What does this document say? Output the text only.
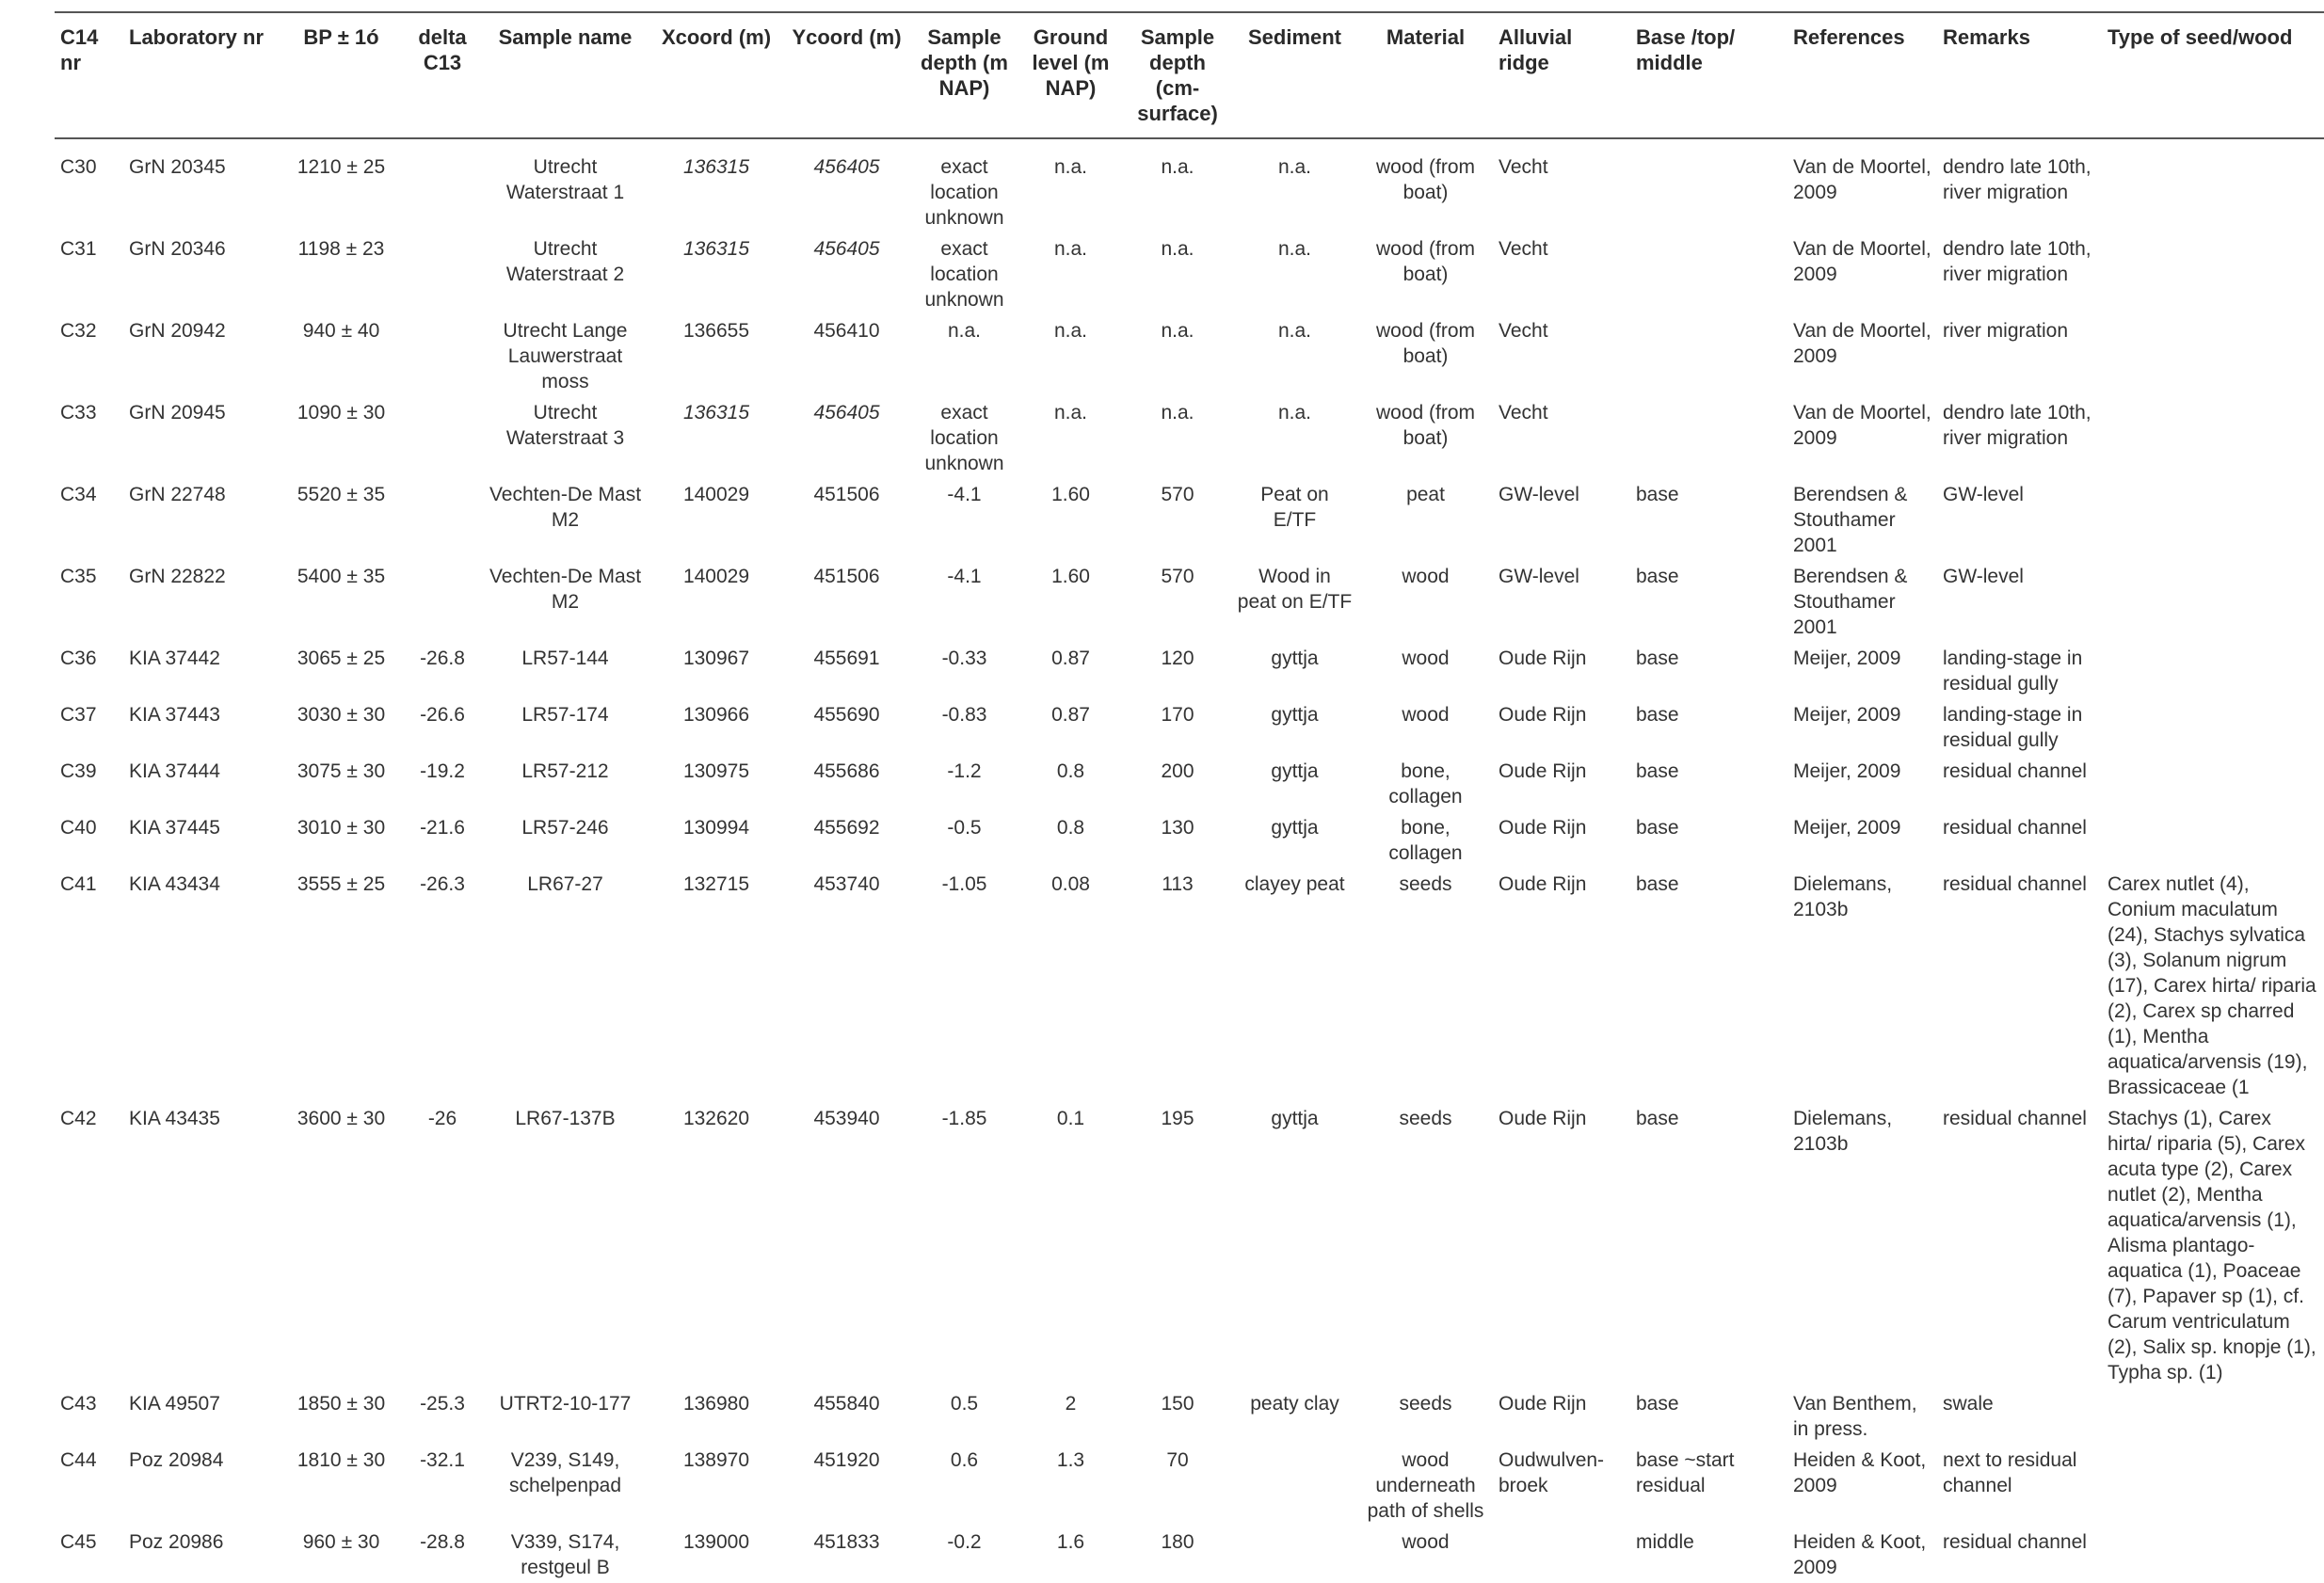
C14 nr	Laboratory nr	BP ± 1ó	delta C13	Sample name	Xcoord (m)	Ycoord (m)	Sample depth (m NAP)	Ground level (m NAP)	Sample depth (cm-surface)	Sediment	Material	Alluvial ridge	Base /top/ middle	References	Remarks	Type of seed/wood
C30	GrN 20345	1210 ± 25		Utrecht Waterstraat 1	136315	456405	exact location unknown	n.a.	n.a.	n.a.	wood (from boat)	Vecht		Van de Moortel, 2009	dendro late 10th, river migration	
C31	GrN 20346	1198 ± 23		Utrecht Waterstraat 2	136315	456405	exact location unknown	n.a.	n.a.	n.a.	wood (from boat)	Vecht		Van de Moortel, 2009	dendro late 10th, river migration	
C32	GrN 20942	940 ± 40		Utrecht Lange Lauwerstraat moss	136655	456410	n.a.	n.a.	n.a.	n.a.	wood (from boat)	Vecht		Van de Moortel, 2009	river migration	
C33	GrN 20945	1090 ± 30		Utrecht Waterstraat 3	136315	456405	exact location unknown	n.a.	n.a.	n.a.	wood (from boat)	Vecht		Van de Moortel, 2009	dendro late 10th, river migration	
C34	GrN 22748	5520 ± 35		Vechten-De Mast M2	140029	451506	-4.1	1.60	570	Peat on E/TF	peat	GW-level	base	Berendsen & Stouthamer 2001	GW-level	
C35	GrN 22822	5400 ± 35		Vechten-De Mast M2	140029	451506	-4.1	1.60	570	Wood in peat on E/TF	wood	GW-level	base	Berendsen & Stouthamer 2001	GW-level	
C36	KIA 37442	3065 ± 25	-26.8	LR57-144	130967	455691	-0.33	0.87	120	gyttja	wood	Oude Rijn	base	Meijer, 2009	landing-stage in residual gully	
C37	KIA 37443	3030 ± 30	-26.6	LR57-174	130966	455690	-0.83	0.87	170	gyttja	wood	Oude Rijn	base	Meijer, 2009	landing-stage in residual gully	
C39	KIA 37444	3075 ± 30	-19.2	LR57-212	130975	455686	-1.2	0.8	200	gyttja	bone, collagen	Oude Rijn	base	Meijer, 2009	residual channel	
C40	KIA 37445	3010 ± 30	-21.6	LR57-246	130994	455692	-0.5	0.8	130	gyttja	bone, collagen	Oude Rijn	base	Meijer, 2009	residual channel	
C41	KIA 43434	3555 ± 25	-26.3	LR67-27	132715	453740	-1.05	0.08	113	clayey peat	seeds	Oude Rijn	base	Dielemans, 2103b	residual channel	Carex nutlet (4), Conium maculatum (24), Stachys sylvatica (3), Solanum nigrum (17), Carex hirta/ riparia (2), Carex sp charred (1), Mentha aquatica/arvensis (19), Brassicaceae (1
C42	KIA 43435	3600 ± 30	-26	LR67-137B	132620	453940	-1.85	0.1	195	gyttja	seeds	Oude Rijn	base	Dielemans, 2103b	residual channel	Stachys (1), Carex hirta/ riparia (5), Carex acuta type (2), Carex nutlet (2), Mentha aquatica/arvensis (1), Alisma plantago-aquatica (1), Poaceae (7), Papaver sp (1), cf. Carum ventriculatum (2), Salix sp. knopje (1), Typha sp. (1)
C43	KIA 49507	1850 ± 30	-25.3	UTRT2-10-177	136980	455840	0.5	2	150	peaty clay	seeds	Oude Rijn	base	Van Benthem, in press.	swale	
C44	Poz 20984	1810 ± 30	-32.1	V239, S149, schelpenpad	138970	451920	0.6	1.3	70		wood underneath path of shells	Oudwulven-broek	base ~start residual	Heiden & Koot, 2009	next to residual channel	
C45	Poz 20986	960 ± 30	-28.8	V339, S174, restgeul B	139000	451833	-0.2	1.6	180		wood		middle	Heiden & Koot, 2009	residual channel	
